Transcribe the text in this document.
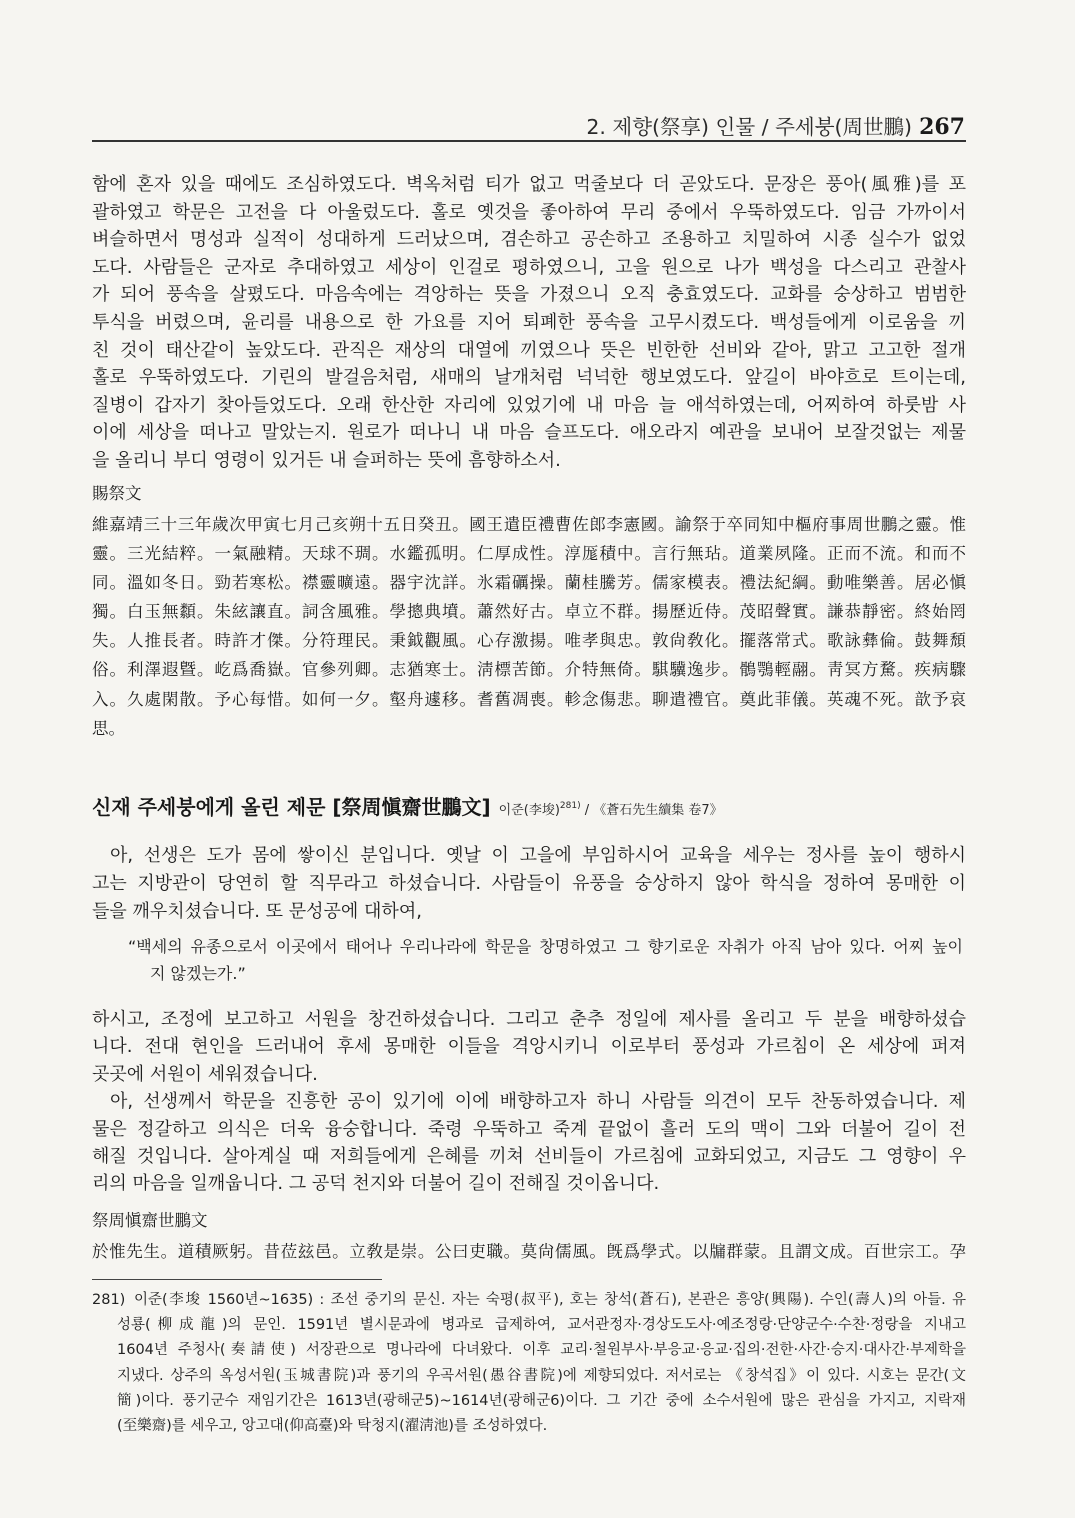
2. 제향(祭享) 인물 / 주세붕(周世鵬) 267
함에 혼자 있을 때에도 조심하였도다. 벽옥처럼 티가 없고 먹줄보다 더 곧았도다. 문장은 풍아(風雅)를 포
괄하였고 학문은 고전을 다 아울렀도다. 홀로 옛것을 좋아하여 무리 중에서 우뚝하였도다. 임금 가까이서
벼슬하면서 명성과 실적이 성대하게 드러났으며, 겸손하고 공손하고 조용하고 치밀하여 시종 실수가 없었
도다. 사람들은 군자로 추대하였고 세상이 인걸로 평하였으니, 고을 원으로 나가 백성을 다스리고 관찰사
가 되어 풍속을 살폈도다. 마음속에는 격앙하는 뜻을 가졌으니 오직 충효였도다. 교화를 숭상하고 범범한
투식을 버렸으며, 윤리를 내용으로 한 가요를 지어 퇴폐한 풍속을 고무시켰도다. 백성들에게 이로움을 끼
친 것이 태산같이 높았도다. 관직은 재상의 대열에 끼였으나 뜻은 빈한한 선비와 같아, 맑고 고고한 절개
홀로 우뚝하였도다. 기린의 발걸음처럼, 새매의 날개처럼 넉넉한 행보였도다. 앞길이 바야흐로 트이는데,
질병이 갑자기 찾아들었도다. 오래 한산한 자리에 있었기에 내 마음 늘 애석하였는데, 어찌하여 하룻밤 사
이에 세상을 떠나고 말았는지. 원로가 떠나니 내 마음 슬프도다. 애오라지 예관을 보내어 보잘것없는 제물
을 올리니 부디 영령이 있거든 내 슬퍼하는 뜻에 흠향하소서.
賜祭文
維嘉靖三十三年歲次甲寅七月己亥朔十五日癸丑。國王遣臣禮曹佐郎李憲國。諭祭于卒同知中樞府事周世鵬之靈。惟
靈。三光結粹。一氣融精。天球不琱。水鑑孤明。仁厚成性。淳厖積中。言行無玷。道業夙隆。正而不流。和而不
同。溫如冬日。勁若寒松。襟靈曠遠。器宇沈詳。氷霜礪操。蘭桂騰芳。儒家模表。禮法紀綱。動唯樂善。居必愼
獨。白玉無纇。朱絃讓直。詞含風雅。學摠典墳。蕭然好古。卓立不群。揚歷近侍。茂昭聲實。謙恭靜密。終始罔
失。人推長者。時許才傑。分符理民。秉鉞觀風。心存激揚。唯孝與忠。敦尙敎化。擺落常式。歌詠彝倫。鼓舞頹
俗。利澤遐曁。屹爲喬嶽。官參列卿。志猶寒士。淸標苦節。介特無倚。騏驥逸步。鶻鶚輕翮。靑冥方騖。疾病驟
入。久處閑散。予心每惜。如何一夕。壑舟遽移。耆舊凋喪。軫念傷悲。聊遣禮官。奠此菲儀。英魂不死。歆予哀
思。
신재 주세붕에게 올린 제문 [祭周愼齋世鵬文] 이준(李埈)$^{281)}$ / 《蒼石先生續集 卷7》
아, 선생은 도가 몸에 쌓이신 분입니다. 옛날 이 고을에 부임하시어 교육을 세우는 정사를 높이 행하시
고는 지방관이 당연히 할 직무라고 하셨습니다. 사람들이 유풍을 숭상하지 않아 학식을 정하여 몽매한 이
들을 깨우치셨습니다. 또 문성공에 대하여,
“백세의 유종으로서 이곳에서 태어나 우리나라에 학문을 창명하였고 그 향기로운 자취가 아직 남아 있다. 어찌 높이
지 않겠는가.”
하시고, 조정에 보고하고 서원을 창건하셨습니다. 그리고 춘추 정일에 제사를 올리고 두 분을 배향하셨습
니다. 전대 현인을 드러내어 후세 몽매한 이들을 격앙시키니 이로부터 풍성과 가르침이 온 세상에 퍼져
곳곳에 서원이 세워졌습니다.
아, 선생께서 학문을 진흥한 공이 있기에 이에 배향하고자 하니 사람들 의견이 모두 찬동하였습니다. 제
물은 정갈하고 의식은 더욱 융숭합니다. 죽령 우뚝하고 죽계 끝없이 흘러 도의 맥이 그와 더불어 길이 전
해질 것입니다. 살아계실 때 저희들에게 은혜를 끼쳐 선비들이 가르침에 교화되었고, 지금도 그 영향이 우
리의 마음을 일깨웁니다. 그 공덕 천지와 더불어 길이 전해질 것이옵니다.
祭周愼齋世鵬文
於惟先生。道積厥躬。昔莅玆邑。立敎是崇。公曰吏職。莫尙儒風。旣爲學式。以牖群蒙。且謂文成。百世宗工。孕
281) 이준(李埈 1560년~1635) : 조선 중기의 문신. 자는 숙평(叔平), 호는 창석(蒼石), 본관은 흥양(興陽). 수인(壽人)의 아들. 유
성룡(柳成龍)의 문인. 1591년 별시문과에 병과로 급제하여, 교서관정자·경상도도사·예조정랑·단양군수·수찬·정랑을 지내고
1604년 주청사(奏請使) 서장관으로 명나라에 다녀왔다. 이후 교리·철원부사·부응교·응교·집의·전한·사간·승지·대사간·부제학을
지냈다. 상주의 옥성서원(玉城書院)과 풍기의 우곡서원(愚谷書院)에 제향되었다. 저서로는 《창석집》이 있다. 시호는 문간(文
簡)이다. 풍기군수 재임기간은 1613년(광해군5)~1614년(광해군6)이다. 그 기간 중에 소수서원에 많은 관심을 가지고, 지락재
(至樂齋)를 세우고, 앙고대(仰高臺)와 탁청지(濯淸池)를 조성하였다.
